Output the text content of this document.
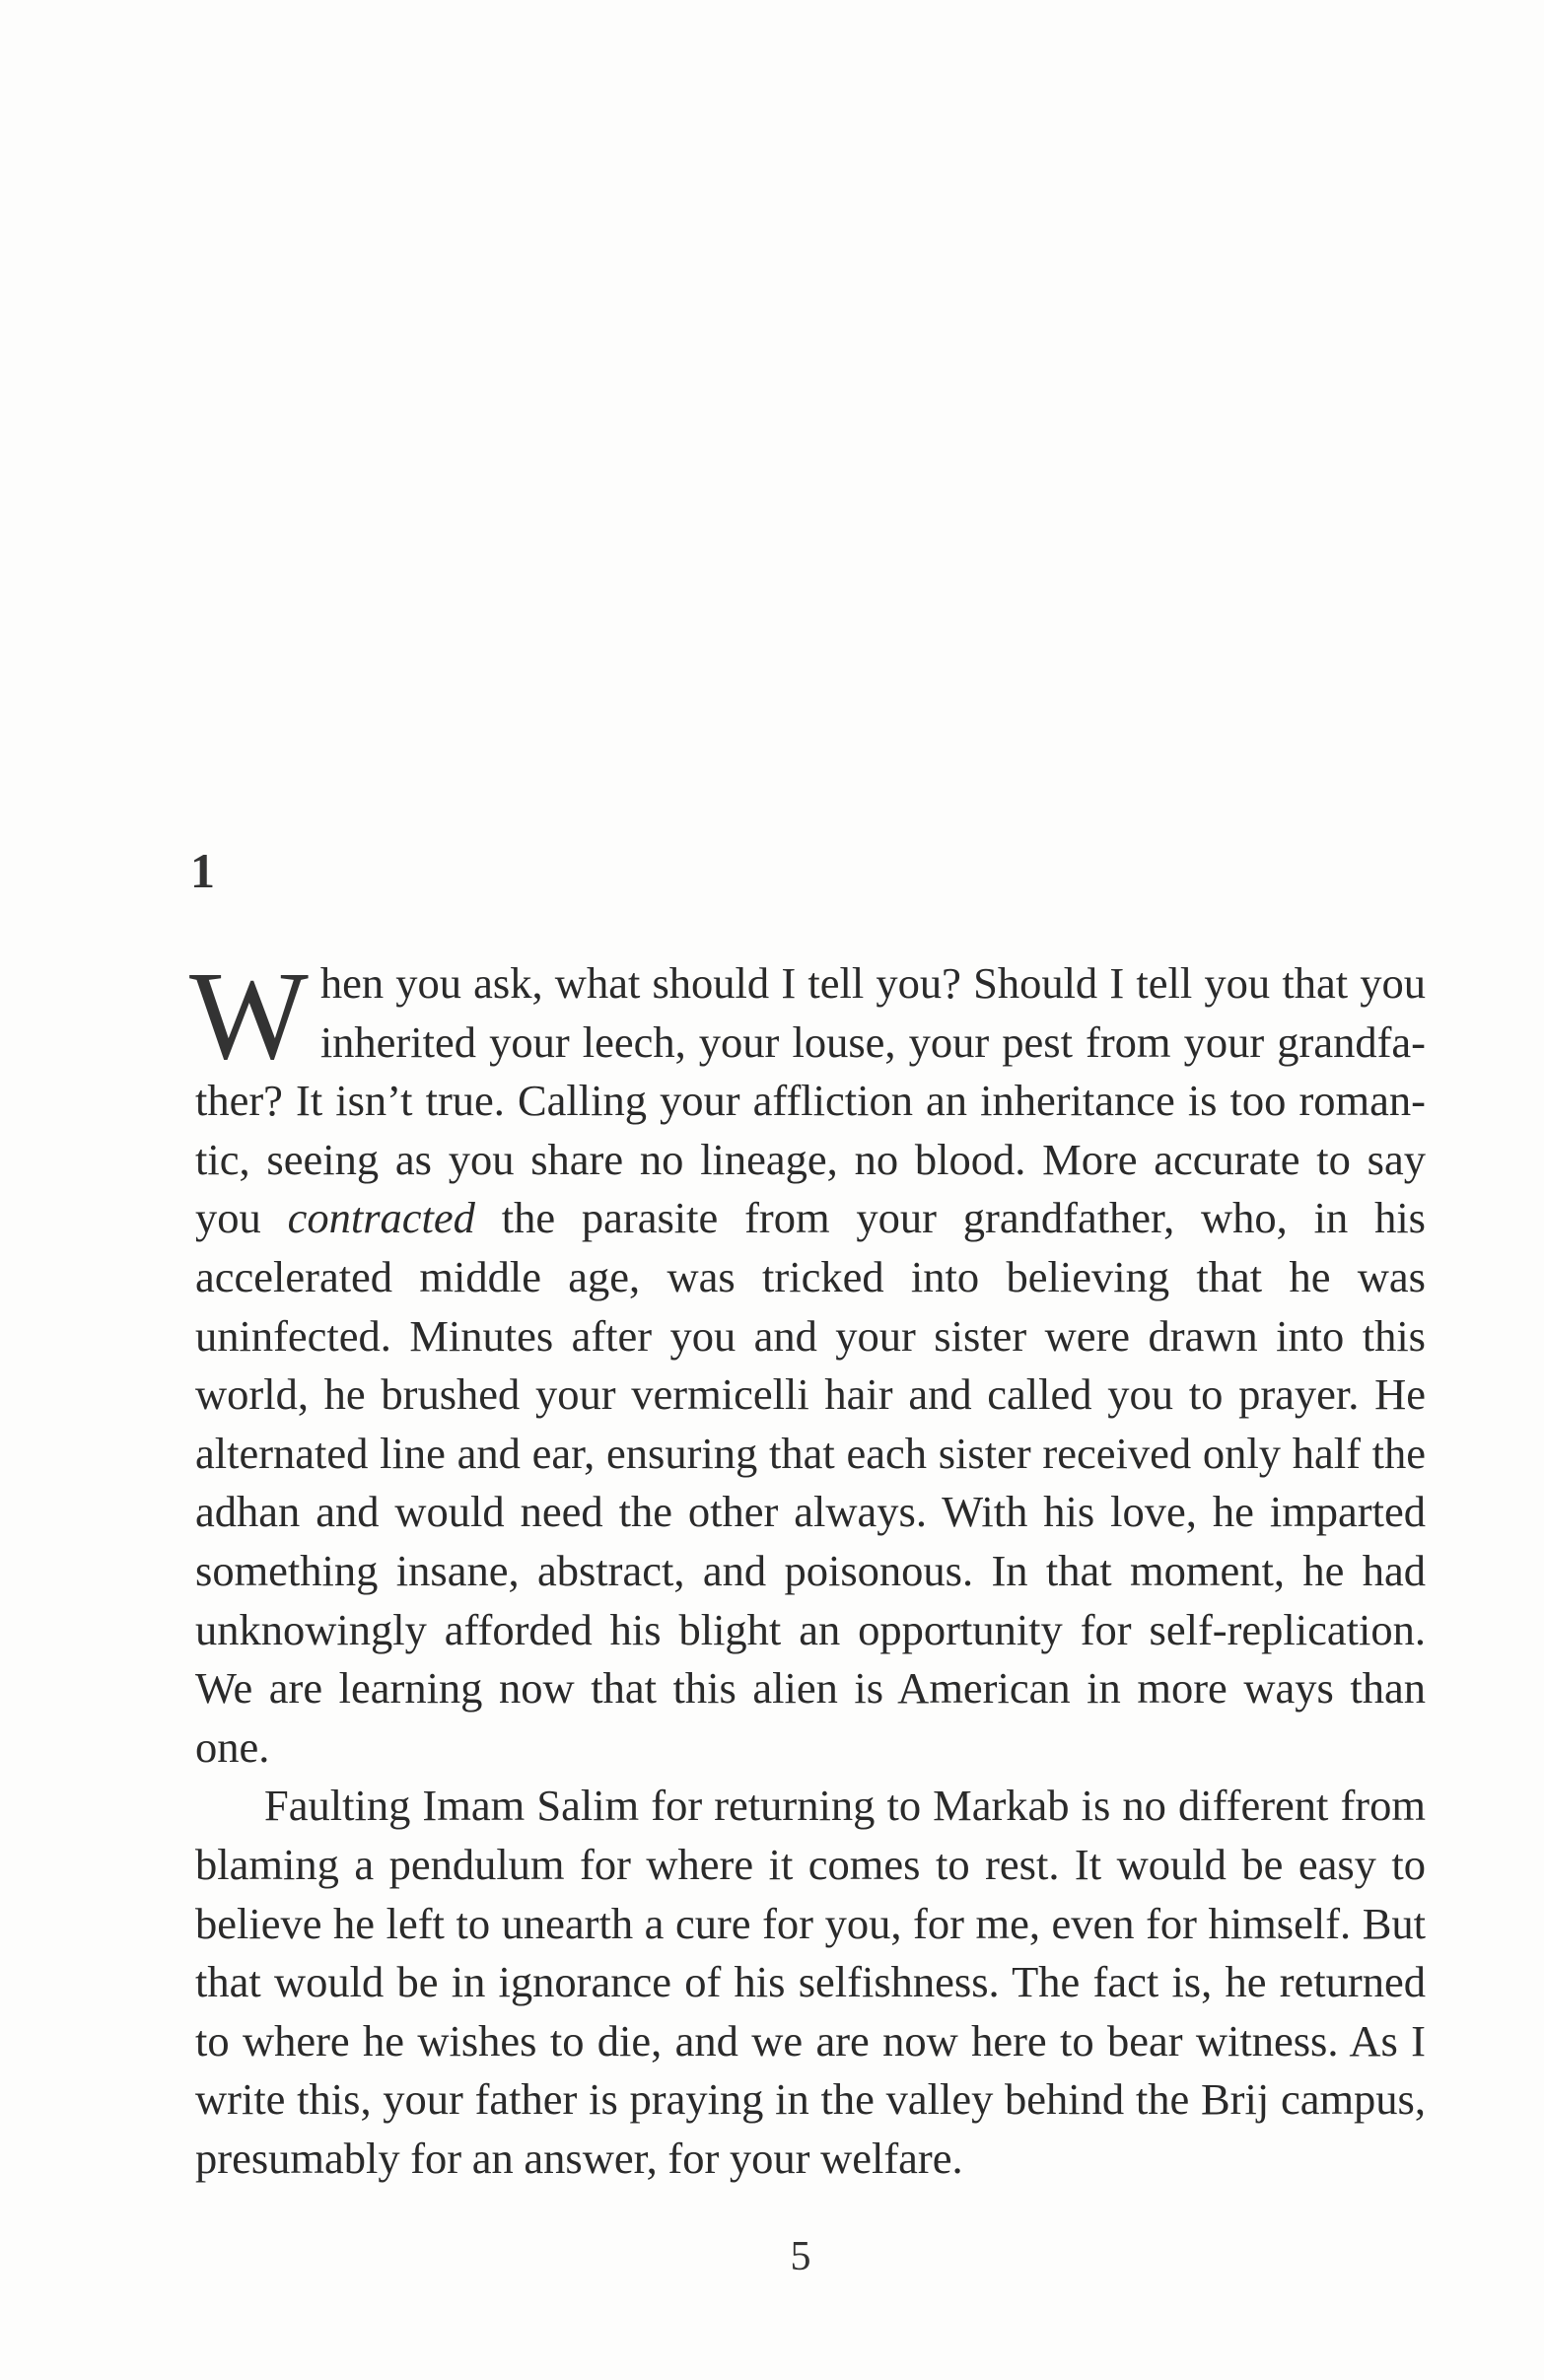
1

When you ask, what should I tell you? Should I tell you that you inherited your leech, your louse, your pest from your grandfather? It isn’t true. Calling your affliction an inheritance is too romantic, seeing as you share no lineage, no blood. More accurate to say you contracted the parasite from your grandfather, who, in his accelerated middle age, was tricked into believing that he was uninfected. Minutes after you and your sister were drawn into this world, he brushed your vermicelli hair and called you to prayer. He alternated line and ear, ensuring that each sister received only half the adhan and would need the other always. With his love, he imparted something insane, abstract, and poisonous. In that moment, he had unknowingly afforded his blight an opportunity for self-replication. We are learning now that this alien is American in more ways than one.

Faulting Imam Salim for returning to Markab is no different from blaming a pendulum for where it comes to rest. It would be easy to believe he left to unearth a cure for you, for me, even for himself. But that would be in ignorance of his selfishness. The fact is, he returned to where he wishes to die, and we are now here to bear witness. As I write this, your father is praying in the valley behind the Brij campus, presumably for an answer, for your welfare.

5
